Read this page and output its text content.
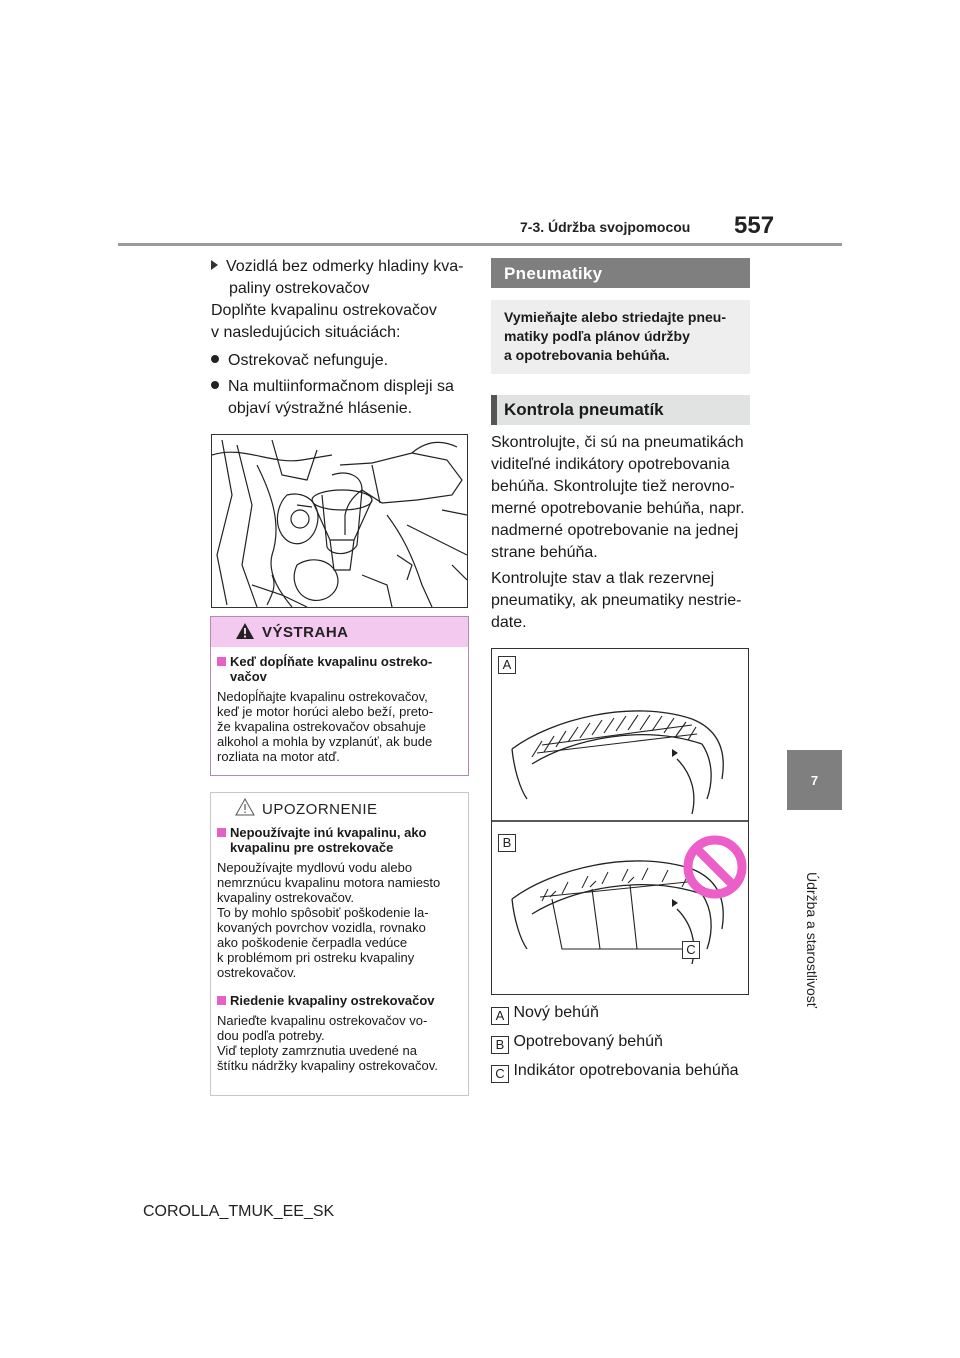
7-3. Údržba svojpomocou 557
7
Údržba a starostlivosť
Vozidlá bez odmerky hladiny kva-
paliny ostrekovačov
Doplňte kvapalinu ostrekovačov
v nasledujúcich situáciách:
Ostrekovač nefunguje.
Na multiinformačnom displeji sa
objaví výstražné hlásenie.
VÝSTRAHA
Keď dopĺňate kvapalinu ostreko-
vačov
Nedopĺňajte kvapalinu ostrekovačov,
keď je motor horúci alebo beží, preto-
že kvapalina ostrekovačov obsahuje
alkohol a mohla by vzplanúť, ak bude
rozliata na motor atď.
UPOZORNENIE
Nepoužívajte inú kvapalinu, ako
kvapalinu pre ostrekovače
Nepoužívajte mydlovú vodu alebo
nemrznúcu kvapalinu motora namiesto
kvapaliny ostrekovačov.
To by mohlo spôsobiť poškodenie la-
kovaných povrchov vozidla, rovnako
ako poškodenie čerpadla vedúce
k problémom pri ostreku kvapaliny
ostrekovačov.
Riedenie kvapaliny ostrekovačov
Narieďte kvapalinu ostrekovačov vo-
dou podľa potreby.
Viď teploty zamrznutia uvedené na
štítku nádržky kvapaliny ostrekovačov.
Pneumatiky
Vymieňajte alebo striedajte pneu-
matiky podľa plánov údržby
a opotrebovania behúňa.
Kontrola pneumatík
Skontrolujte, či sú na pneumatikách
viditeľné indikátory opotrebovania
behúňa. Skontrolujte tiež nerovno-
merné opotrebovanie behúňa, napr.
nadmerné opotrebovanie na jednej
strane behúňa.
Kontrolujte stav a tlak rezervnej
pneumatiky, ak pneumatiky nestrie-
date.
A
B
C
A Nový behúň
B Opotrebovaný behúň
C Indikátor opotrebovania behúňa
COROLLA_TMUK_EE_SK
